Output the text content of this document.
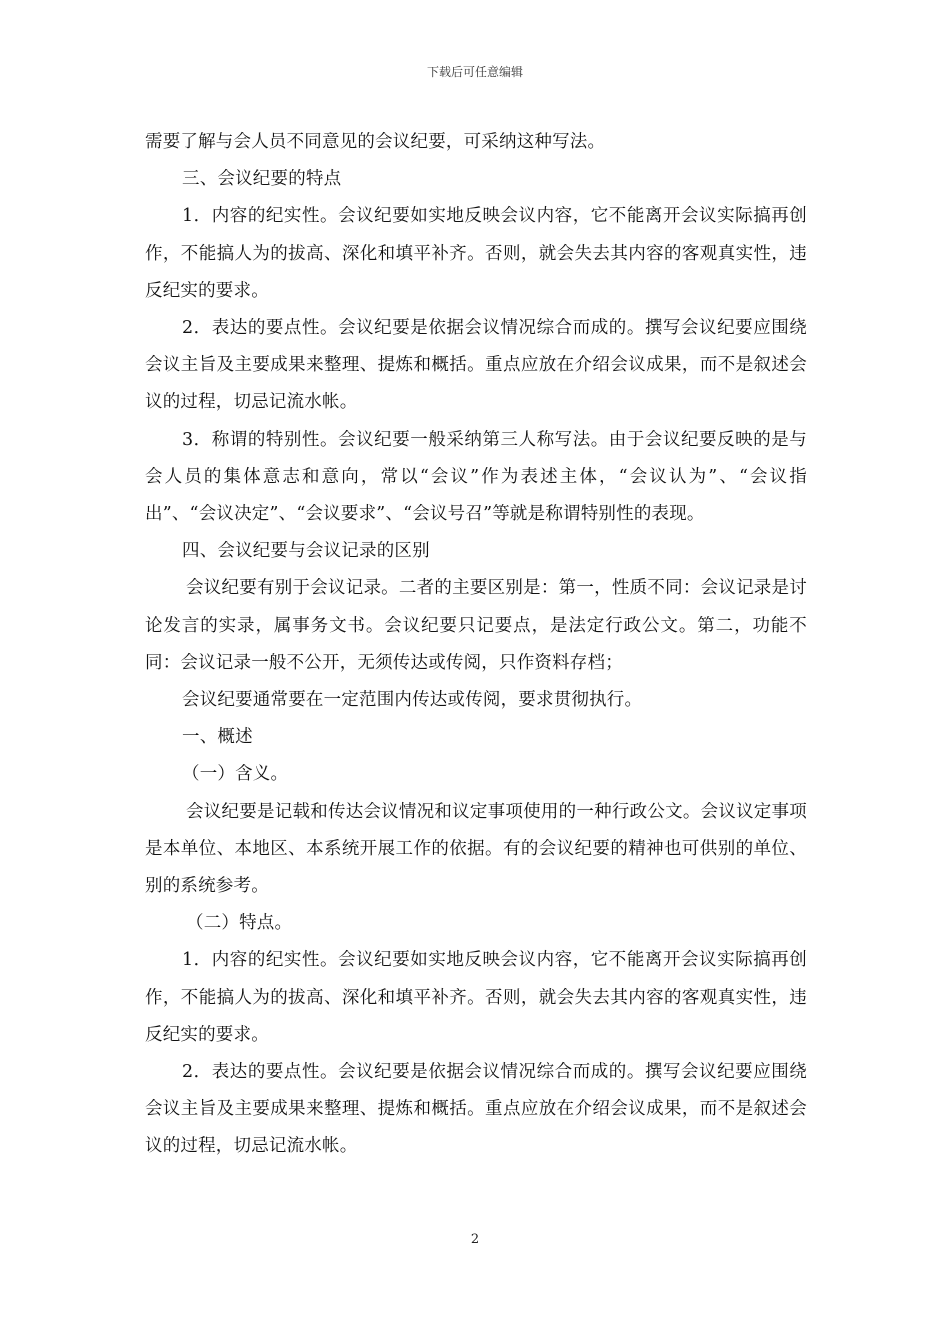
下载后可任意编辑

需要了解与会人员不同意见的会议纪要，可采纳这种写法。

三、会议纪要的特点

1．内容的纪实性。会议纪要如实地反映会议内容，它不能离开会议实际搞再创作，不能搞人为的拔高、深化和填平补齐。否则，就会失去其内容的客观真实性，违反纪实的要求。

2．表达的要点性。会议纪要是依据会议情况综合而成的。撰写会议纪要应围绕会议主旨及主要成果来整理、提炼和概括。重点应放在介绍会议成果，而不是叙述会议的过程，切忌记流水帐。

3．称谓的特别性。会议纪要一般采纳第三人称写法。由于会议纪要反映的是与会人员的集体意志和意向，常以“会议”作为表述主体，“会议认为”、“会议指出”、“会议决定”、“会议要求”、“会议号召”等就是称谓特别性的表现。

四、会议纪要与会议记录的区别

会议纪要有别于会议记录。二者的主要区别是：第一，性质不同：会议记录是讨论发言的实录，属事务文书。会议纪要只记要点，是法定行政公文。第二，功能不同：会议记录一般不公开，无须传达或传阅，只作资料存档；

会议纪要通常要在一定范围内传达或传阅，要求贯彻执行。

一、概述

（一）含义。

会议纪要是记载和传达会议情况和议定事项使用的一种行政公文。会议议定事项是本单位、本地区、本系统开展工作的依据。有的会议纪要的精神也可供别的单位、别的系统参考。

（二）特点。

1．内容的纪实性。会议纪要如实地反映会议内容，它不能离开会议实际搞再创作，不能搞人为的拔高、深化和填平补齐。否则，就会失去其内容的客观真实性，违反纪实的要求。

2．表达的要点性。会议纪要是依据会议情况综合而成的。撰写会议纪要应围绕会议主旨及主要成果来整理、提炼和概括。重点应放在介绍会议成果，而不是叙述会议的过程，切忌记流水帐。

2
